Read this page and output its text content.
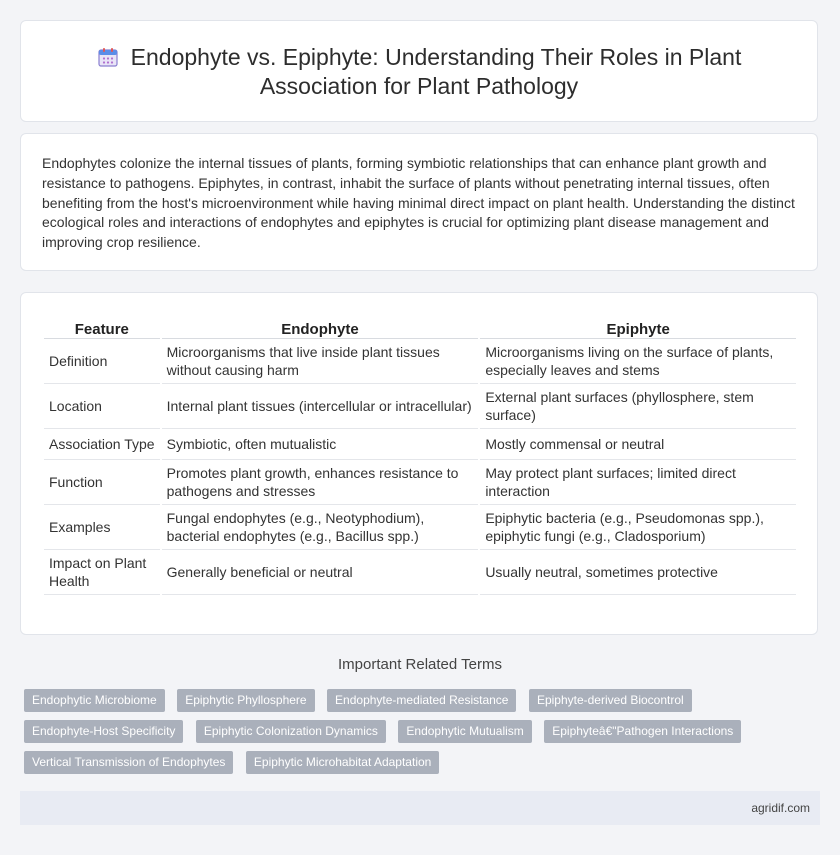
Endophyte vs. Epiphyte: Understanding Their Roles in Plant
Association for Plant Pathology
Endophytes colonize the internal tissues of plants, forming symbiotic relationships that can enhance plant growth and resistance to pathogens. Epiphytes, in contrast, inhabit the surface of plants without penetrating internal tissues, often benefiting from the host's microenvironment while having minimal direct impact on plant health. Understanding the distinct ecological roles and interactions of endophytes and epiphytes is crucial for optimizing plant disease management and improving crop resilience.
Feature	Endophyte	Epiphyte
Definition	Microorganisms that live inside plant tissues without causing harm	Microorganisms living on the surface of plants, especially leaves and stems
Location	Internal plant tissues (intercellular or intracellular)	External plant surfaces (phyllosphere, stem surface)
Association Type	Symbiotic, often mutualistic	Mostly commensal or neutral
Function	Promotes plant growth, enhances resistance to pathogens and stresses	May protect plant surfaces; limited direct interaction
Examples	Fungal endophytes (e.g., Neotyphodium), bacterial endophytes (e.g., Bacillus spp.)	Epiphytic bacteria (e.g., Pseudomonas spp.), epiphytic fungi (e.g., Cladosporium)
Impact on Plant Health	Generally beneficial or neutral	Usually neutral, sometimes protective
Important Related Terms
Endophytic Microbiome Epiphytic Phyllosphere Endophyte-mediated Resistance Epiphyte-derived Biocontrol
Endophyte-Host Specificity Epiphytic Colonization Dynamics Endophytic Mutualism Epiphyteâ€"Pathogen Interactions
Vertical Transmission of Endophytes Epiphytic Microhabitat Adaptation
agridif.com
